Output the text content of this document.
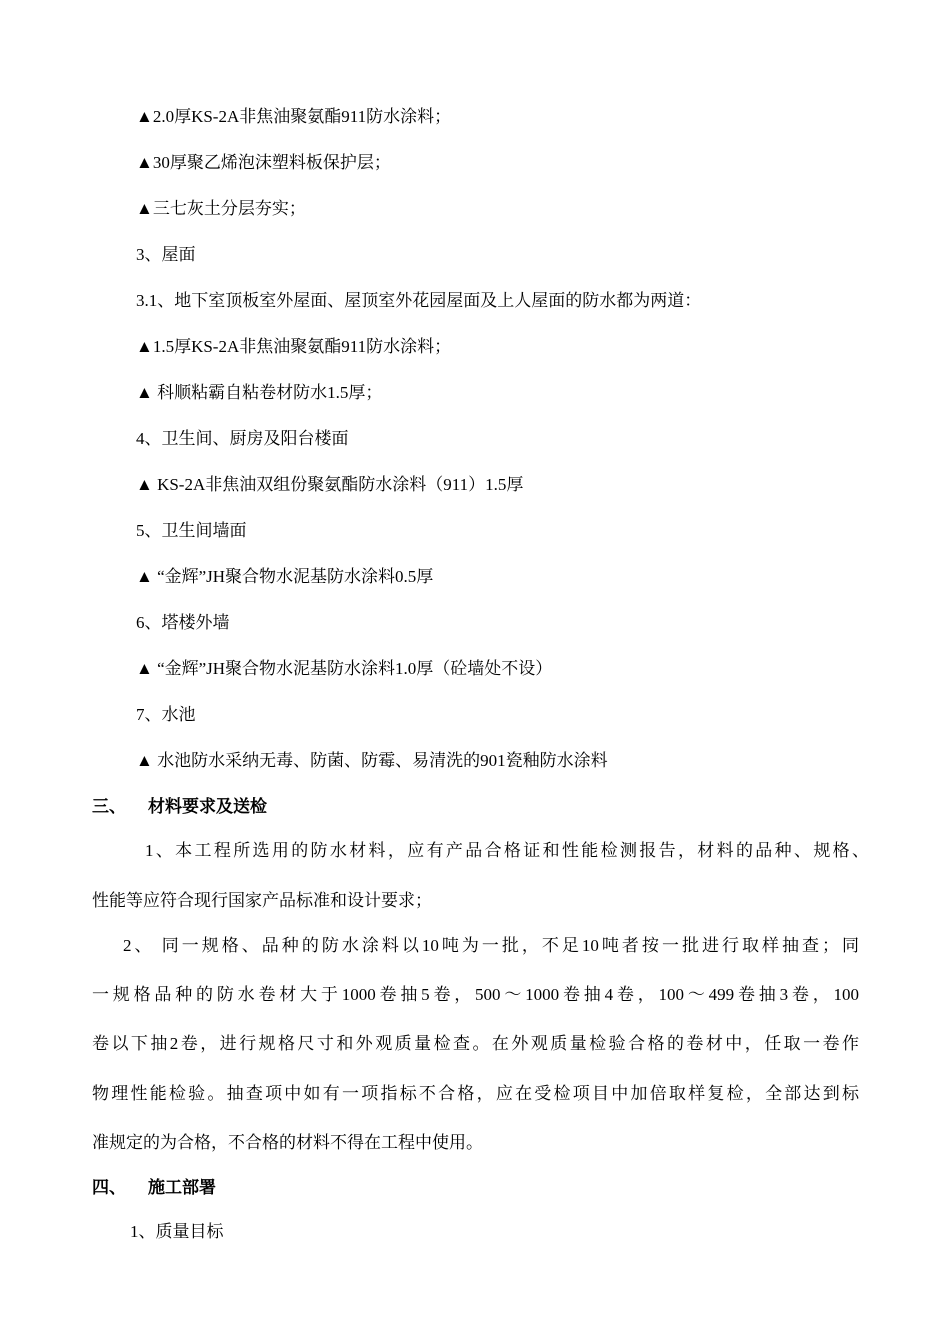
▲2.0厚KS-2A非焦油聚氨酯911防水涂料；
▲30厚聚乙烯泡沫塑料板保护层；
▲三七灰土分层夯实；
3、屋面
3.1、地下室顶板室外屋面、屋顶室外花园屋面及上人屋面的防水都为两道：
▲1.5厚KS-2A非焦油聚氨酯911防水涂料；
▲ 科顺粘霸自粘卷材防水1.5厚；
4、卫生间、厨房及阳台楼面
▲ KS-2A非焦油双组份聚氨酯防水涂料（911）1.5厚
5、卫生间墙面
▲ “金辉”JH聚合物水泥基防水涂料0.5厚
6、塔楼外墙
▲ “金辉”JH聚合物水泥基防水涂料1.0厚（砼墙处不设）
7、水池
▲ 水池防水采纳无毒、防菌、防霉、易清洗的901瓷釉防水涂料
三、 材料要求及送检
1、本工程所选用的防水材料，应有产品合格证和性能检测报告，材料的品种、规格、
性能等应符合现行国家产品标准和设计要求；
2、 同一规格、品种的防水涂料以10吨为一批，不足10吨者按一批进行取样抽查；同
一规格品种的防水卷材大于1000卷抽5卷，500～1000卷抽4卷，100～499卷抽3卷，100
卷以下抽2卷，进行规格尺寸和外观质量检查。在外观质量检验合格的卷材中，任取一卷作
物理性能检验。抽查项中如有一项指标不合格，应在受检项目中加倍取样复检，全部达到标
准规定的为合格，不合格的材料不得在工程中使用。
四、 施工部署
1、质量目标
